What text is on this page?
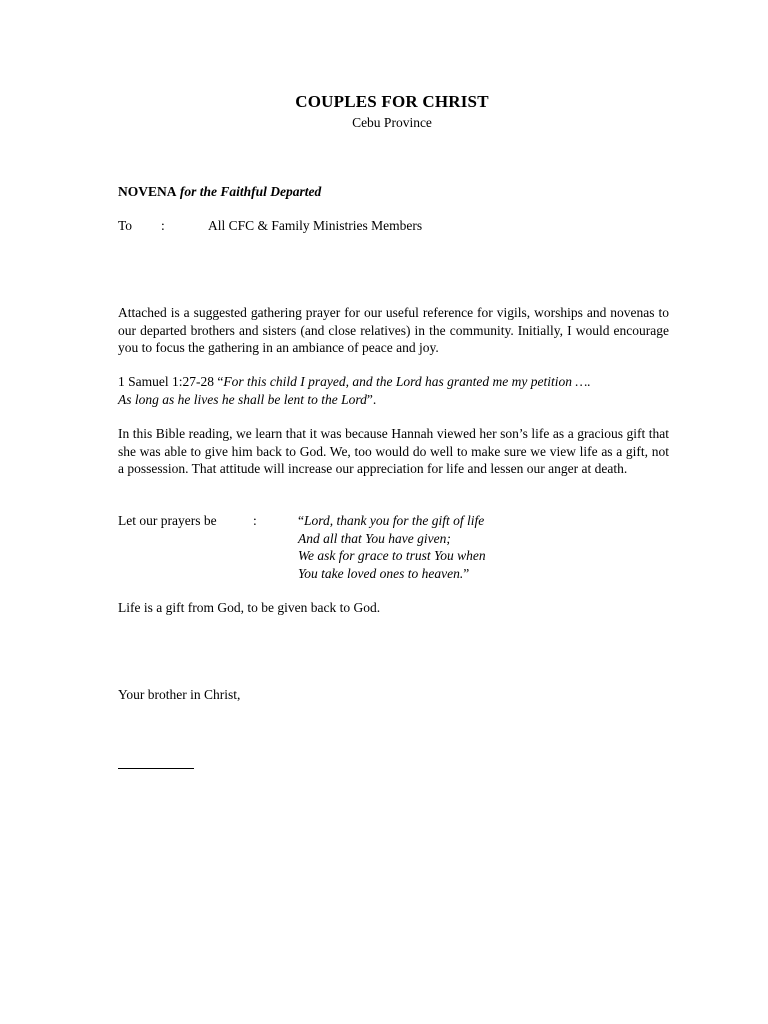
COUPLES FOR CHRIST
Cebu Province
NOVENA for the Faithful Departed
To :	All CFC & Family Ministries Members
Attached is a suggested gathering prayer for our useful reference for vigils, worships and novenas to our departed brothers and sisters (and close relatives) in the community. Initially, I would encourage you to focus the gathering in an ambiance of peace and joy.
1 Samuel 1:27-28 “For this child I prayed, and the Lord has granted me my petition ….
As long as he lives he shall be lent to the Lord”.
In this Bible reading, we learn that it was because Hannah viewed her son’s life as a gracious gift that she was able to give him back to God. We, too would do well to make sure we view life as a gift, not a possession. That attitude will increase our appreciation for life and lessen our anger at death.
Let our prayers be	:	“Lord, thank you for the gift of life
And all that You have given;
We ask for grace to trust You when
You take loved ones to heaven.”
Life is a gift from God, to be given back to God.
Your brother in Christ,
